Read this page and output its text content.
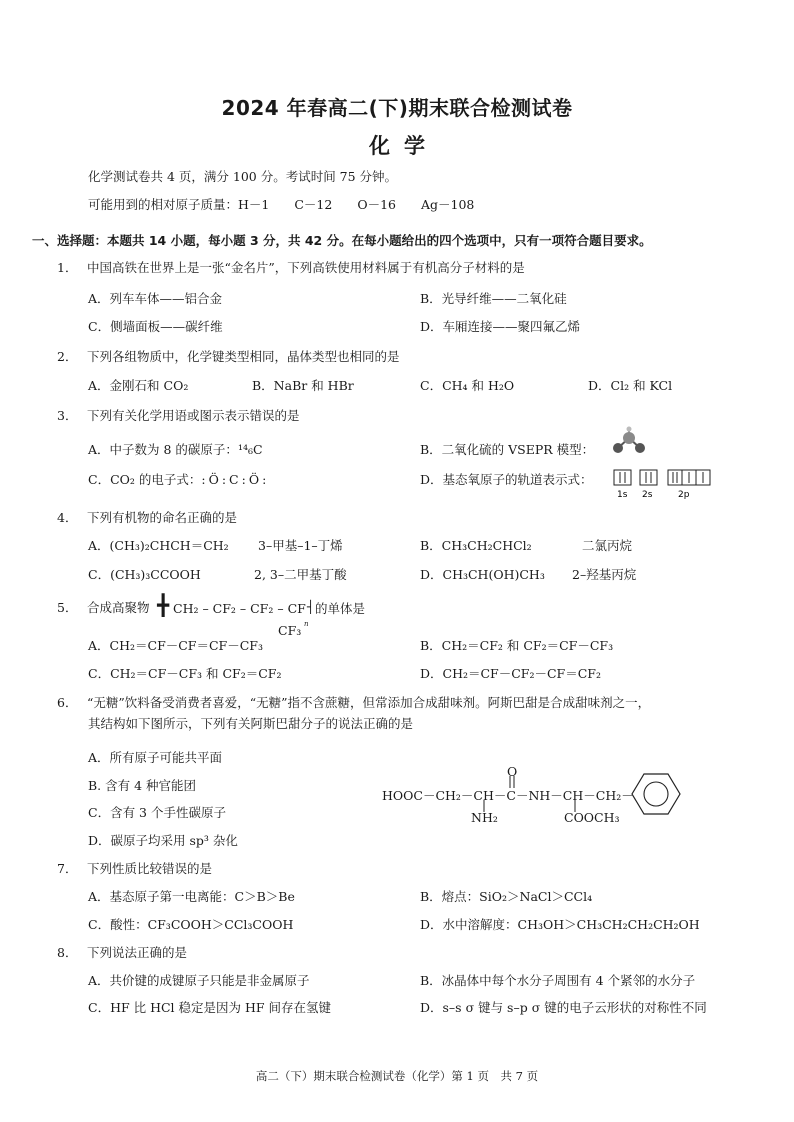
2024 年春高二(下)期末联合检测试卷
化学
化学测试卷共 4 页，满分 100 分。考试时间 75 分钟。
可能用到的相对原子质量：H－1　　C－12　　O－16　　Ag－108
一、选择题：本题共 14 小题，每小题 3 分，共 42 分。在每小题给出的四个选项中，只有一项符合题目要求。
1． 中国高铁在世界上是一张“金名片”，下列高铁使用材料属于有机高分子材料的是
A．列车车体——铝合金	B．光导纤维——二氧化硅
C．侧墙面板——碳纤维	D．车厢连接——聚四氟乙烯
2． 下列各组物质中，化学键类型相同，晶体类型也相同的是
A．金刚石和 CO₂	B．NaBr 和 HBr	C．CH₄ 和 H₂O	D．Cl₂ 和 KCl
3． 下列有关化学用语或图示表示错误的是
A．中子数为 8 的碳原子：¹⁴₆C	B．二氧化硫的 VSEPR 模型：
C．CO₂ 的电子式：:Ö:C:Ö:	D．基态氧原子的轨道表示式：
1s 2s	2p
4． 下列有机物的命名正确的是
A．(CH₃)₂CHCH＝CH₂ 3–甲基–1–丁烯	B．CH₃CH₂CHCl₂	二氯丙烷
C．(CH₃)₃CCOOH	2, 3–二甲基丁酸	D．CH₃CH(OH)CH₃ 2–羟基丙烷
5． 合成高聚物 ╋ CH₂ – CF₂ – CF₂ – CF ┤
n
CF₃
的单体是
A．CH₂＝CF－CF＝CF－CF₃	B．CH₂＝CF₂ 和 CF₂＝CF－CF₃
C．CH₂＝CF－CF₃ 和 CF₂＝CF₂	D．CH₂＝CF－CF₂－CF＝CF₂
6． “无糖”饮料备受消费者喜爱，“无糖”指不含蔗糖，但常添加合成甜味剂。阿斯巴甜是合成甜味剂之一，
其结构如下图所示，下列有关阿斯巴甜分子的说法正确的是
A．所有原子可能共平面
B. 含有 4 种官能团
C．含有 3 个手性碳原子
D．碳原子均采用 sp³ 杂化
HOOC－CH₂－CH－C－NH－CH－CH₂－
O
NH₂	COOCH₃
7． 下列性质比较错误的是
A．基态原子第一电离能：C＞B＞Be	B．熔点：SiO₂＞NaCl＞CCl₄
C．酸性：CF₃COOH＞CCl₃COOH	D．水中溶解度：CH₃OH＞CH₃CH₂CH₂CH₂OH
8． 下列说法正确的是
A．共价键的成键原子只能是非金属原子	B．冰晶体中每个水分子周围有 4 个紧邻的水分子
C．HF 比 HCl 稳定是因为 HF 间存在氢键	D．s–s σ 键与 s–p σ 键的电子云形状的对称性不同
高二（下）期末联合检测试卷（化学）第 1 页　共 7 页
